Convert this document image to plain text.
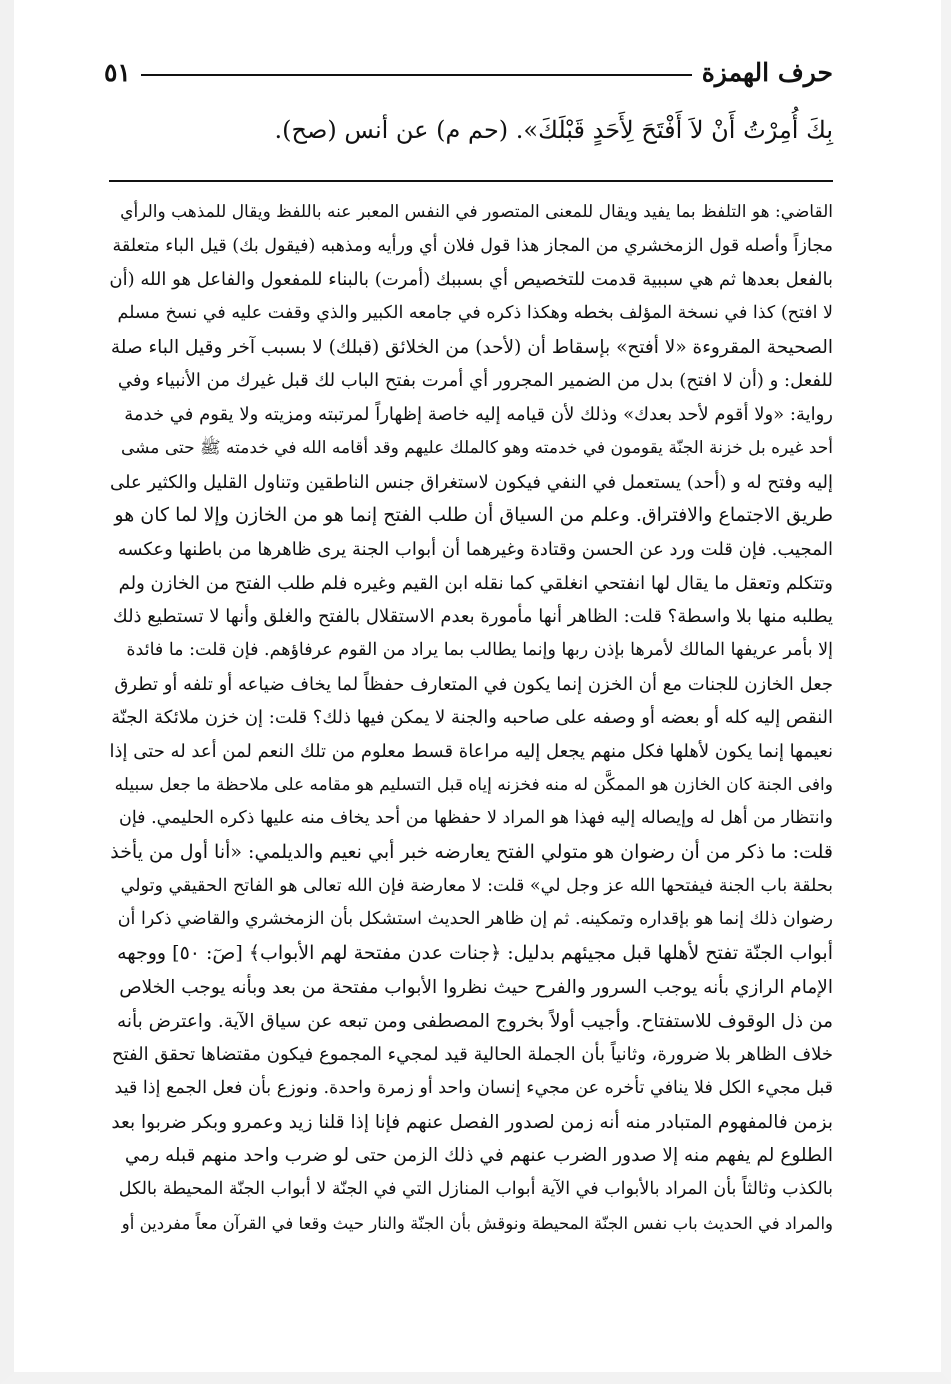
حرف الهمزة
٥١
بِكَ أُمِرْتُ أَنْ لاَ أَفْتَحَ لِأَحَدٍ قَبْلَكَ». (حم م) عن أنس (صح).
القاضي: هو التلفظ بما يفيد ويقال للمعنى المتصور في النفس المعبر عنه باللفظ ويقال للمذهب والرأي
مجازاً وأصله قول الزمخشري من المجاز هذا قول فلان أي ورأيه ومذهبه (فيقول بك) قيل الباء متعلقة
بالفعل بعدها ثم هي سببية قدمت للتخصيص أي بسببك (أمرت) بالبناء للمفعول والفاعل هو الله (أن
لا افتح) كذا في نسخة المؤلف بخطه وهكذا ذكره في جامعه الكبير والذي وقفت عليه في نسخ مسلم
الصحيحة المقروءة «لا أفتح» بإسقاط أن (لأحد) من الخلائق (قبلك) لا بسبب آخر وقيل الباء صلة
للفعل: و (أن لا افتح) بدل من الضمير المجرور أي أمرت بفتح الباب لك قبل غيرك من الأنبياء وفي
رواية: «ولا أقوم لأحد بعدك» وذلك لأن قيامه إليه خاصة إظهاراً لمرتبته ومزيته ولا يقوم في خدمة
أحد غيره بل خزنة الجنّة يقومون في خدمته وهو كالملك عليهم وقد أقامه الله في خدمته ﷺ حتى مشى
إليه وفتح له و (أحد) يستعمل في النفي فيكون لاستغراق جنس الناطقين وتناول القليل والكثير على
طريق الاجتماع والافتراق. وعلم من السياق أن طلب الفتح إنما هو من الخازن وإلا لما كان هو
المجيب. فإن قلت ورد عن الحسن وقتادة وغيرهما أن أبواب الجنة يرى ظاهرها من باطنها وعكسه
وتتكلم وتعقل ما يقال لها انفتحي انغلقي كما نقله ابن القيم وغيره فلم طلب الفتح من الخازن ولم
يطلبه منها بلا واسطة؟ قلت: الظاهر أنها مأمورة بعدم الاستقلال بالفتح والغلق وأنها لا تستطيع ذلك
إلا بأمر عريفها المالك لأمرها بإذن ربها وإنما يطالب بما يراد من القوم عرفاؤهم. فإن قلت: ما فائدة
جعل الخازن للجنات مع أن الخزن إنما يكون في المتعارف حفظاً لما يخاف ضياعه أو تلفه أو تطرق
النقص إليه كله أو بعضه أو وصفه على صاحبه والجنة لا يمكن فيها ذلك؟ قلت: إن خزن ملائكة الجنّة
نعيمها إنما يكون لأهلها فكل منهم يجعل إليه مراعاة قسط معلوم من تلك النعم لمن أعد له حتى إذا
وافى الجنة كان الخازن هو الممكَّن له منه فخزنه إياه قبل التسليم هو مقامه على ملاحظة ما جعل سبيله
وانتظار من أهل له وإيصاله إليه فهذا هو المراد لا حفظها من أحد يخاف منه عليها ذكره الحليمي. فإن
قلت: ما ذكر من أن رضوان هو متولي الفتح يعارضه خبر أبي نعيم والديلمي: «أنا أول من يأخذ
بحلقة باب الجنة فيفتحها الله عز وجل لي» قلت: لا معارضة فإن الله تعالى هو الفاتح الحقيقي وتولي
رضوان ذلك إنما هو بإقداره وتمكينه. ثم إن ظاهر الحديث استشكل بأن الزمخشري والقاضي ذكرا أن
أبواب الجنّة تفتح لأهلها قبل مجيئهم بدليل: ﴿جنات عدن مفتحة لهم الأبواب﴾ [صٓ: ٥٠] ووجهه
الإمام الرازي بأنه يوجب السرور والفرح حيث نظروا الأبواب مفتحة من بعد وبأنه يوجب الخلاص
من ذل الوقوف للاستفتاح. وأجيب أولاً بخروج المصطفى ومن تبعه عن سياق الآية. واعترض بأنه
خلاف الظاهر بلا ضرورة، وثانياً بأن الجملة الحالية قيد لمجيء المجموع فيكون مقتضاها تحقق الفتح
قبل مجيء الكل فلا ينافي تأخره عن مجيء إنسان واحد أو زمرة واحدة. ونوزع بأن فعل الجمع إذا قيد
بزمن فالمفهوم المتبادر منه أنه زمن لصدور الفصل عنهم فإنا إذا قلنا زيد وعمرو وبكر ضربوا بعد
الطلوع لم يفهم منه إلا صدور الضرب عنهم في ذلك الزمن حتى لو ضرب واحد منهم قبله رمي
بالكذب وثالثاً بأن المراد بالأبواب في الآية أبواب المنازل التي في الجنّة لا أبواب الجنّة المحيطة بالكل
والمراد في الحديث باب نفس الجنّة المحيطة ونوقش بأن الجنّة والنار حيث وقعا في القرآن معاً مفردين أو
